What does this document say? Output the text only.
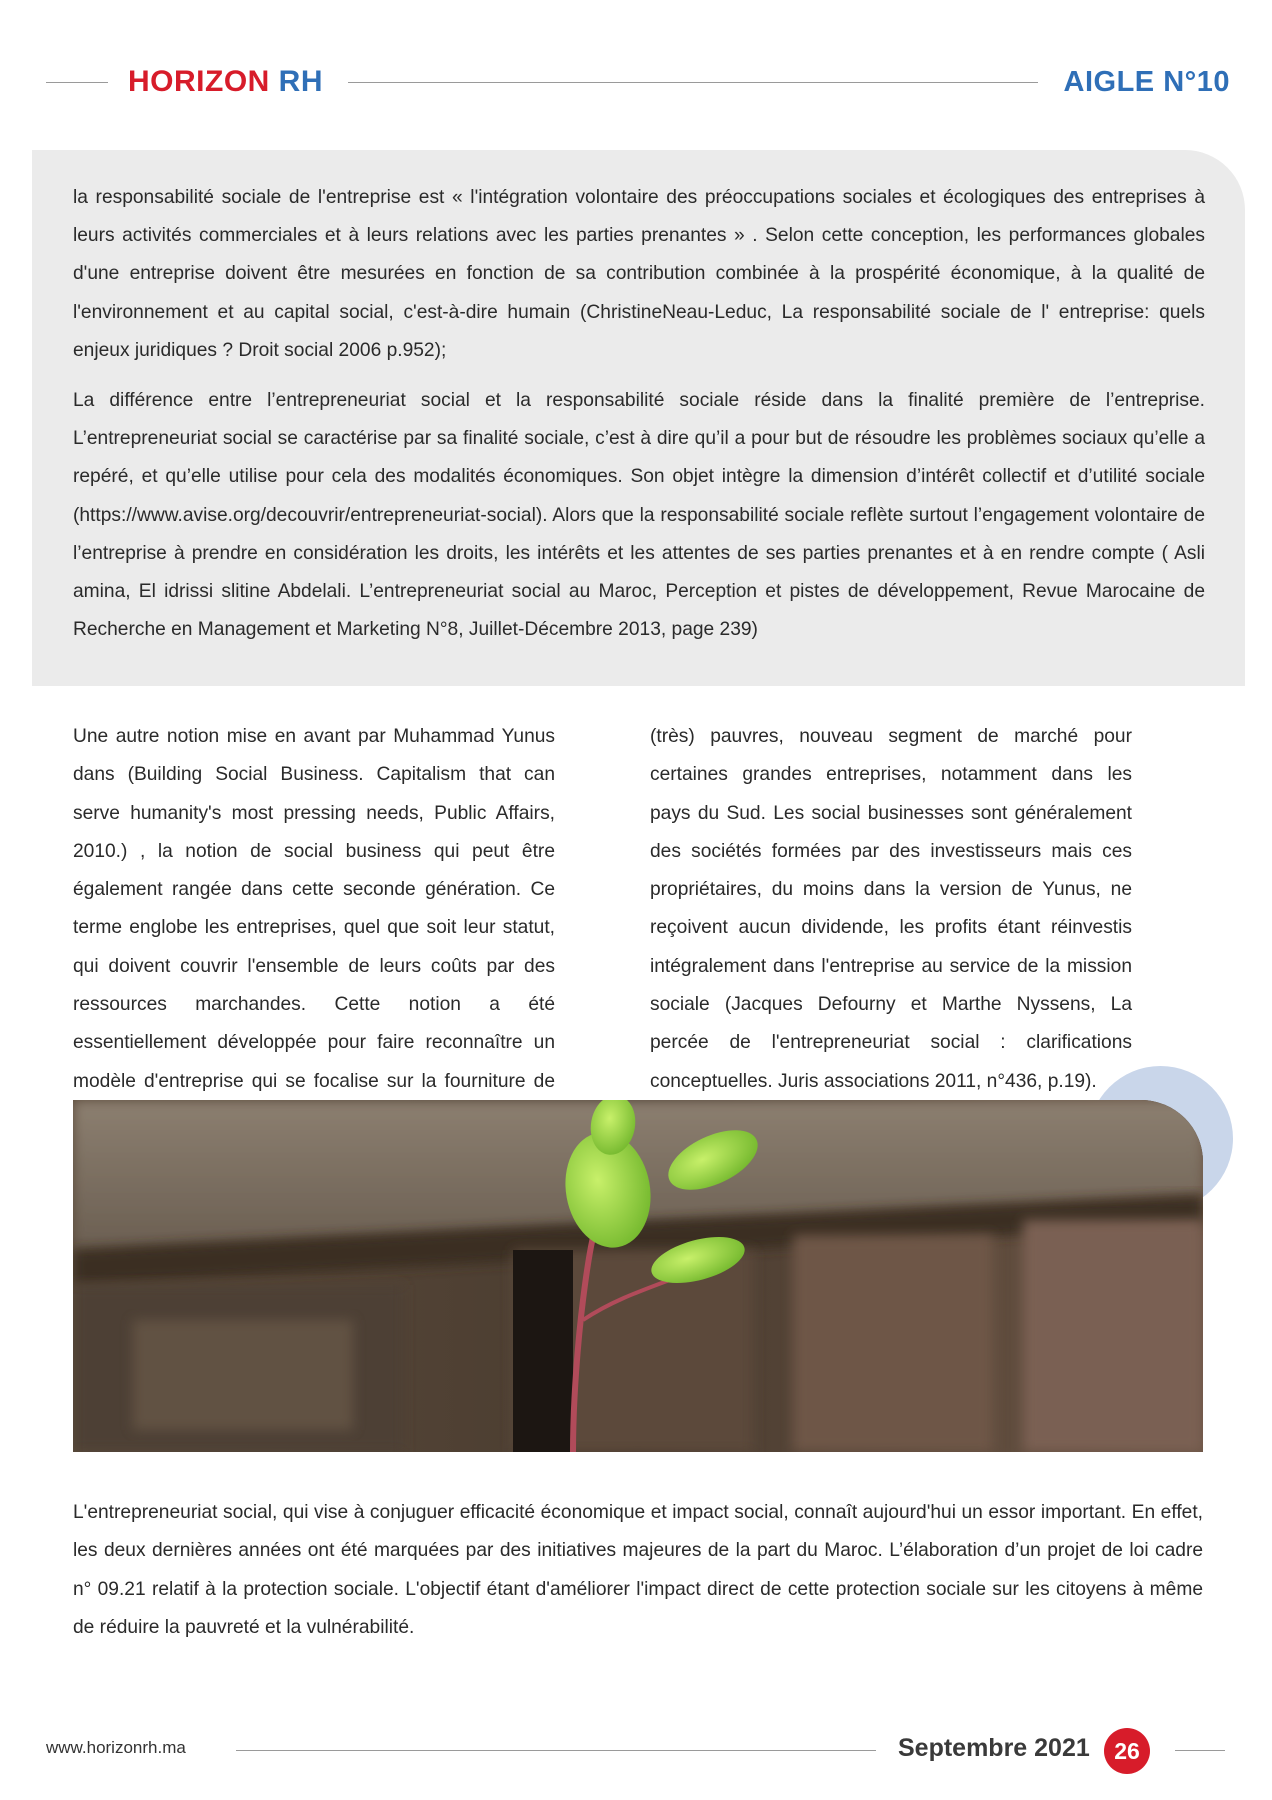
HORIZON RH	AIGLE N°10

la responsabilité sociale de l'entreprise est « l'intégration volontaire des préoccupations sociales et écologiques des entreprises à leurs activités commerciales et à leurs relations avec les parties prenantes » . Selon cette conception, les performances globales d'une entreprise doivent être mesurées en fonction de sa contribution combinée à la prospérité économique, à la qualité de l'environnement et au capital social, c'est-à-dire humain (ChristineNeau-Leduc, La responsabilité sociale de l' entreprise: quels enjeux juridiques ? Droit social 2006 p.952);

La différence entre l’entrepreneuriat social et la responsabilité sociale réside dans la finalité première de l’entreprise. L’entrepreneuriat social se caractérise par sa finalité sociale, c’est à dire qu’il a pour but de résoudre les problèmes sociaux qu’elle a repéré, et qu’elle utilise pour cela des modalités économiques. Son objet intègre la dimension d’intérêt collectif et d’utilité sociale (https://www.avise.org/decouvrir/entrepreneuriat-social). Alors que la responsabilité sociale reflète surtout l’engagement volontaire de l’entreprise à prendre en considération les droits, les intérêts et les attentes de ses parties prenantes et à en rendre compte ( Asli amina, El idrissi slitine Abdelali. L’entrepreneuriat social au Maroc, Perception et pistes de développement, Revue Marocaine de Recherche en Management et Marketing N°8, Juillet-Décembre 2013, page 239)

Une autre notion mise en avant par Muhammad Yunus dans (Building Social Business. Capitalism that can serve humanity's most pressing needs, Public Affairs, 2010.) , la notion de social business qui peut être également rangée dans cette seconde génération. Ce terme englobe les entreprises, quel que soit leur statut, qui doivent couvrir l'ensemble de leurs coûts par des ressources marchandes. Cette notion a été essentiellement développée pour faire reconnaître un modèle d'entreprise qui se focalise sur la fourniture de

(très) pauvres, nouveau segment de marché pour certaines grandes entreprises, notamment dans les pays du Sud. Les social businesses sont généralement des sociétés formées par des investisseurs mais ces propriétaires, du moins dans la version de Yunus, ne reçoivent aucun dividende, les profits étant réinvestis intégralement dans l'entreprise au service de la mission sociale (Jacques Defourny et Marthe Nyssens, La percée de l'entrepreneuriat social : clarifications conceptuelles. Juris associations 2011, n°436, p.19).

L'entrepreneuriat social, qui vise à conjuguer efficacité économique et impact social, connaît aujourd'hui un essor important. En effet, les deux dernières années ont été marquées par des initiatives majeures de la part du Maroc. L’élaboration d’un projet de loi cadre n° 09.21 relatif à la protection sociale. L'objectif étant d'améliorer l'impact direct de cette protection sociale sur les citoyens à même de réduire la pauvreté et la vulnérabilité.

www.horizonrh.ma	Septembre 2021	26
